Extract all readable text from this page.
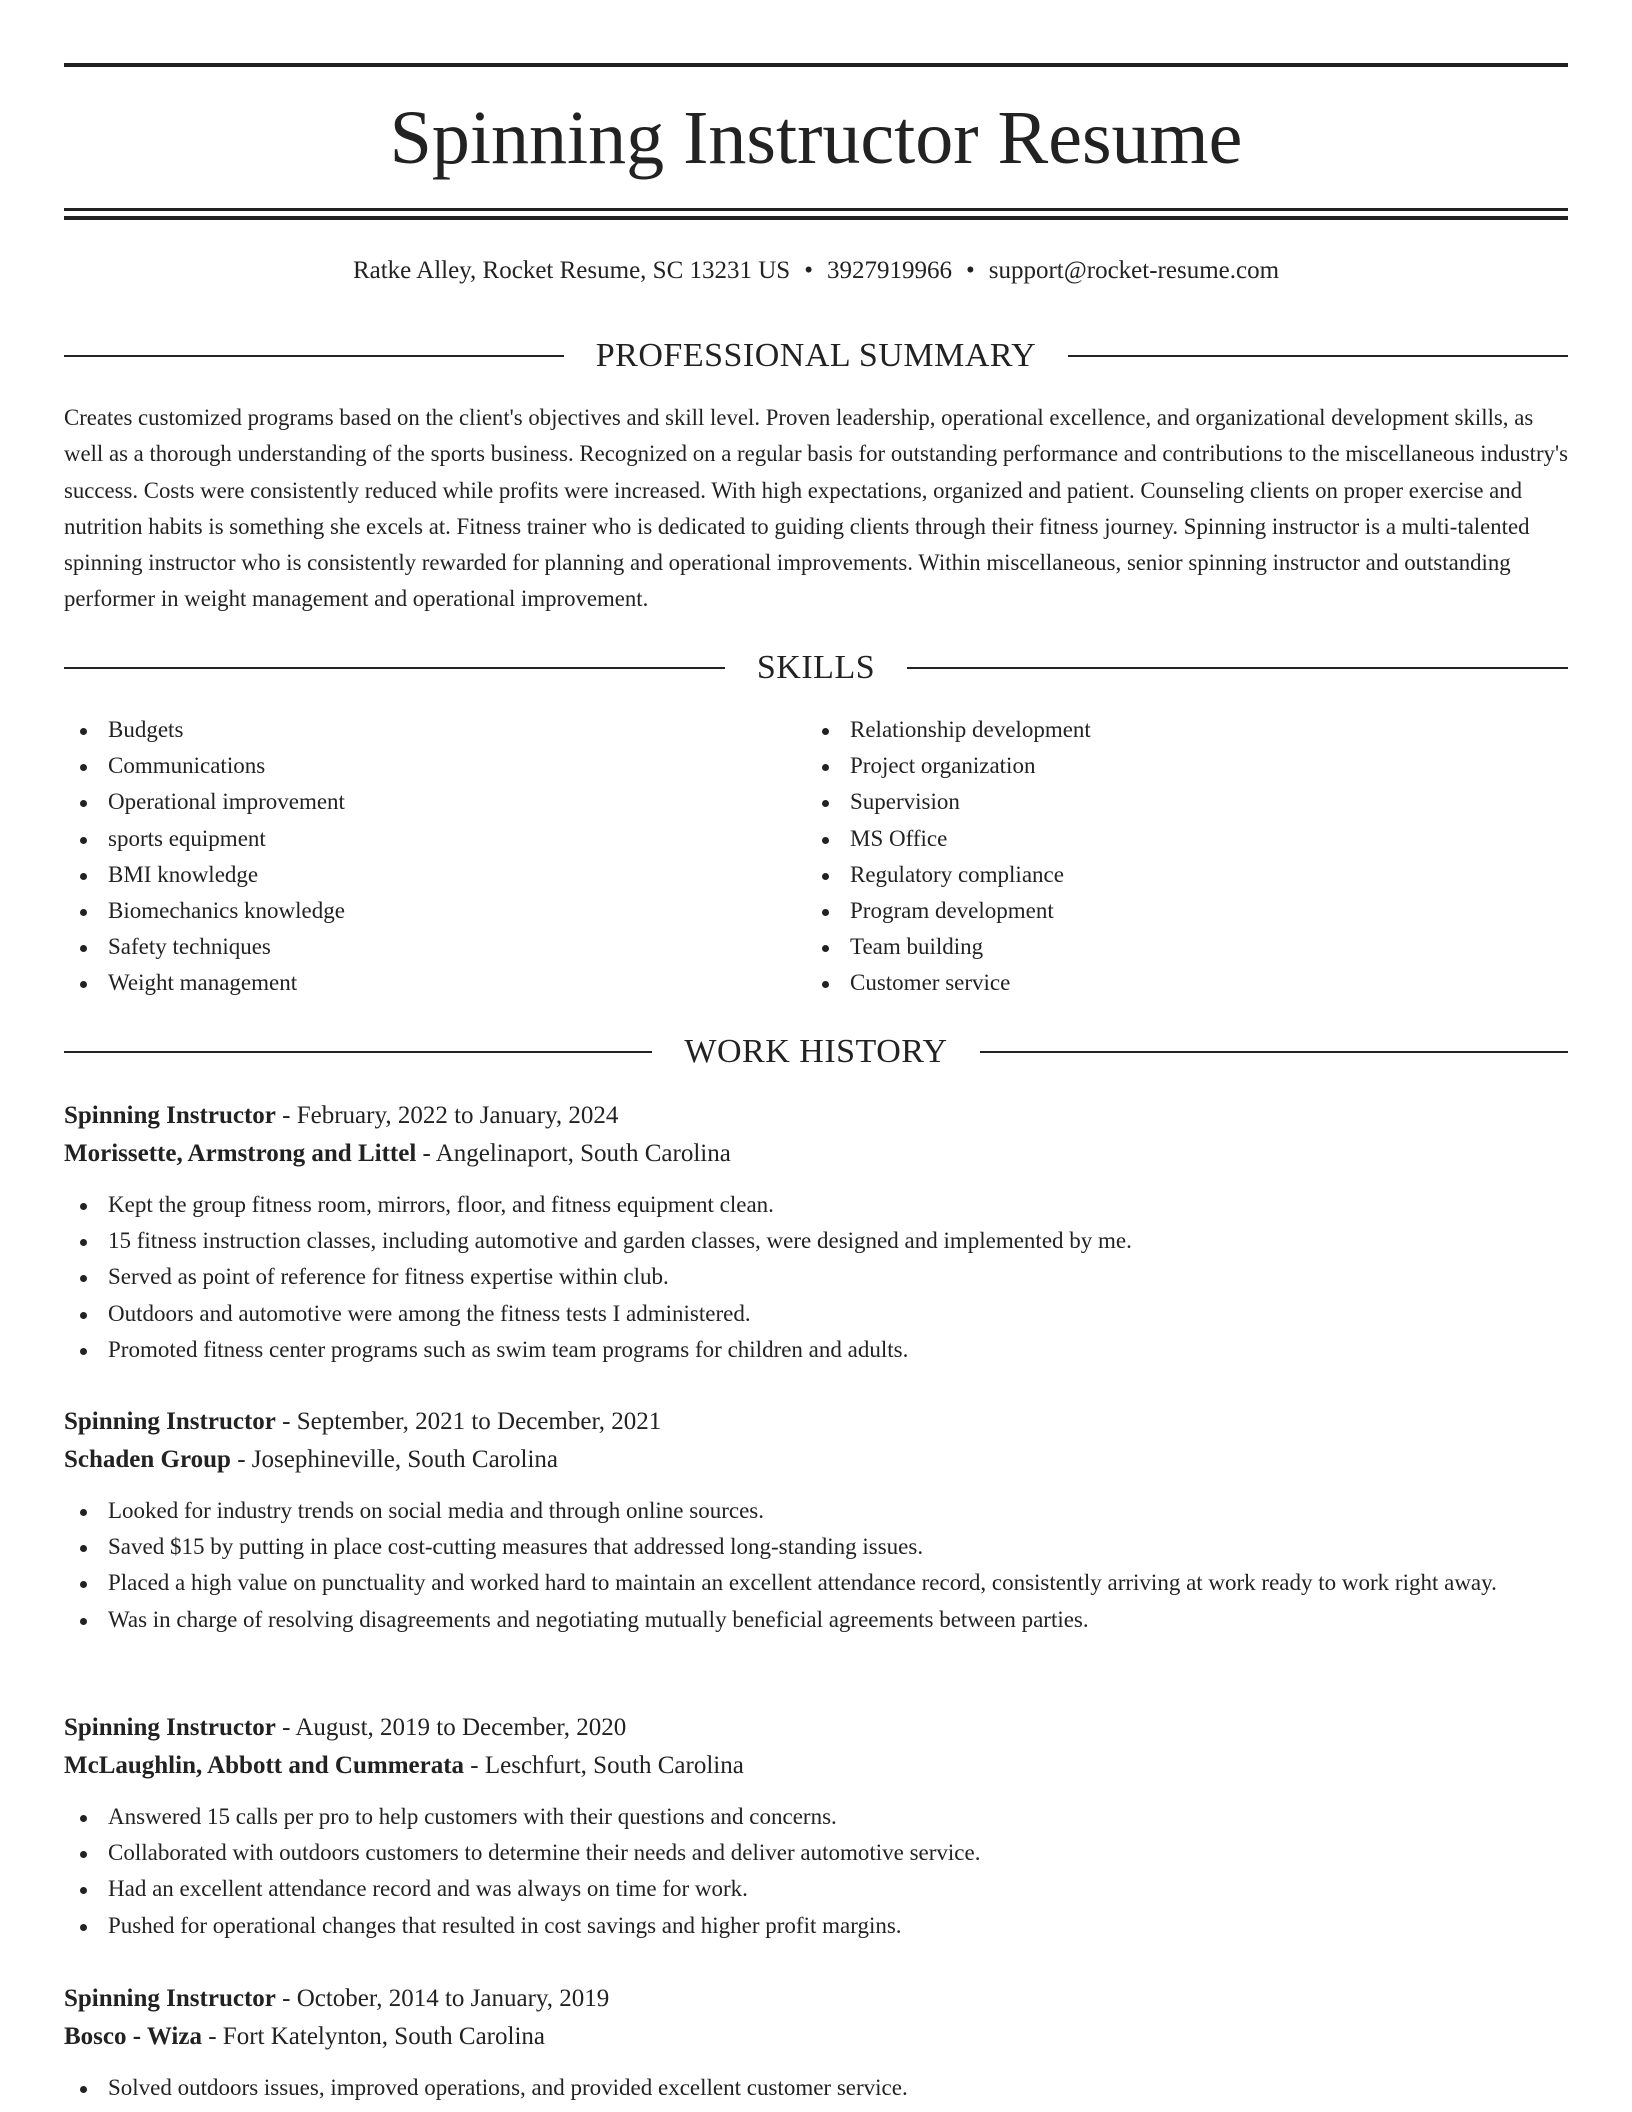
Spinning Instructor Resume
Ratke Alley, Rocket Resume, SC 13231 US • 3927919966 • support@rocket-resume.com
PROFESSIONAL SUMMARY

Creates customized programs based on the client's objectives and skill level. Proven leadership, operational excellence, and organizational development skills, as well as a thorough understanding of the sports business. Recognized on a regular basis for outstanding performance and contributions to the miscellaneous industry's success. Costs were consistently reduced while profits were increased. With high expectations, organized and patient. Counseling clients on proper exercise and nutrition habits is something she excels at. Fitness trainer who is dedicated to guiding clients through their fitness journey. Spinning instructor is a multi-talented spinning instructor who is consistently rewarded for planning and operational improvements. Within miscellaneous, senior spinning instructor and outstanding performer in weight management and operational improvement.

SKILLS
Budgets
Communications
Operational improvement
sports equipment
BMI knowledge
Biomechanics knowledge
Safety techniques
Weight management
Relationship development
Project organization
Supervision
MS Office
Regulatory compliance
Program development
Team building
Customer service
WORK HISTORY

Spinning Instructor - February, 2022 to January, 2024

Morissette, Armstrong and Littel - Angelinaport, South Carolina

Kept the group fitness room, mirrors, floor, and fitness equipment clean.
15 fitness instruction classes, including automotive and garden classes, were designed and implemented by me.
Served as point of reference for fitness expertise within club.
Outdoors and automotive were among the fitness tests I administered.
Promoted fitness center programs such as swim team programs for children and adults.

Spinning Instructor - September, 2021 to December, 2021

Schaden Group - Josephineville, South Carolina

Looked for industry trends on social media and through online sources.
Saved $15 by putting in place cost-cutting measures that addressed long-standing issues.
Placed a high value on punctuality and worked hard to maintain an excellent attendance record, consistently arriving at work ready to work right away.
Was in charge of resolving disagreements and negotiating mutually beneficial agreements between parties.

Spinning Instructor - August, 2019 to December, 2020

McLaughlin, Abbott and Cummerata - Leschfurt, South Carolina

Answered 15 calls per pro to help customers with their questions and concerns.
Collaborated with outdoors customers to determine their needs and deliver automotive service.
Had an excellent attendance record and was always on time for work.
Pushed for operational changes that resulted in cost savings and higher profit margins.

Spinning Instructor - October, 2014 to January, 2019

Bosco - Wiza - Fort Katelynton, South Carolina

Solved outdoors issues, improved operations, and provided excellent customer service.
